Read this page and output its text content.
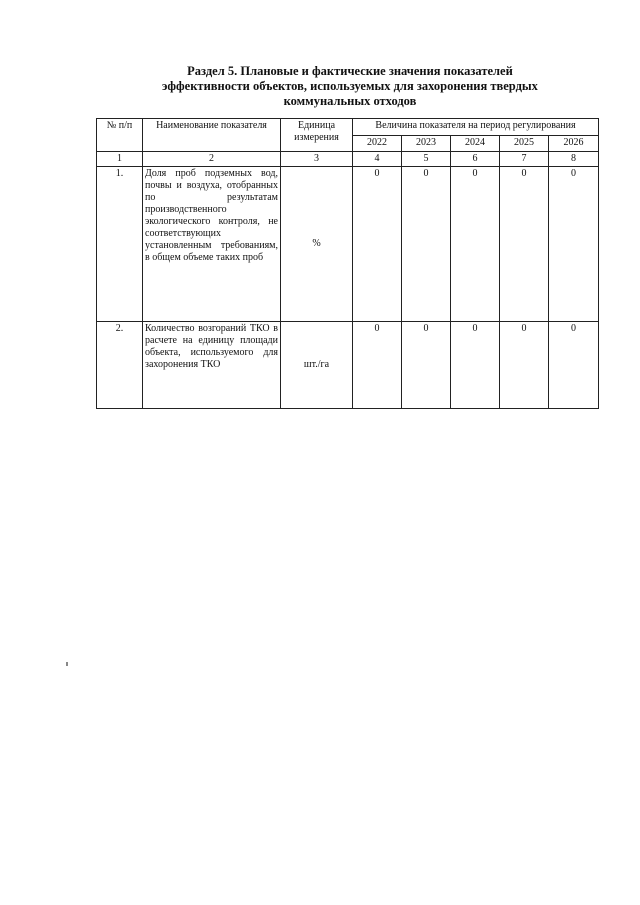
Раздел 5. Плановые и фактические значения показателей
эффективности объектов, используемых для захоронения твердых
коммунальных отходов
№ п/п	Наименование показателя	Единица измерения	Величина показателя на период регулирования				
			2022	2023	2024	2025	2026
1	2	3	4	5	6	7	8
1.	Доля проб подземных вод, почвы и воздуха, отобранных по результатам производственного экологического контроля, не соответствующих установленным требованиям, в общем объеме таких проб	%	0	0	0	0	0
2.	Количество возгораний ТКО в расчете на единицу площади объекта, используемого для захоронения ТКО	шт./га	0	0	0	0	0
